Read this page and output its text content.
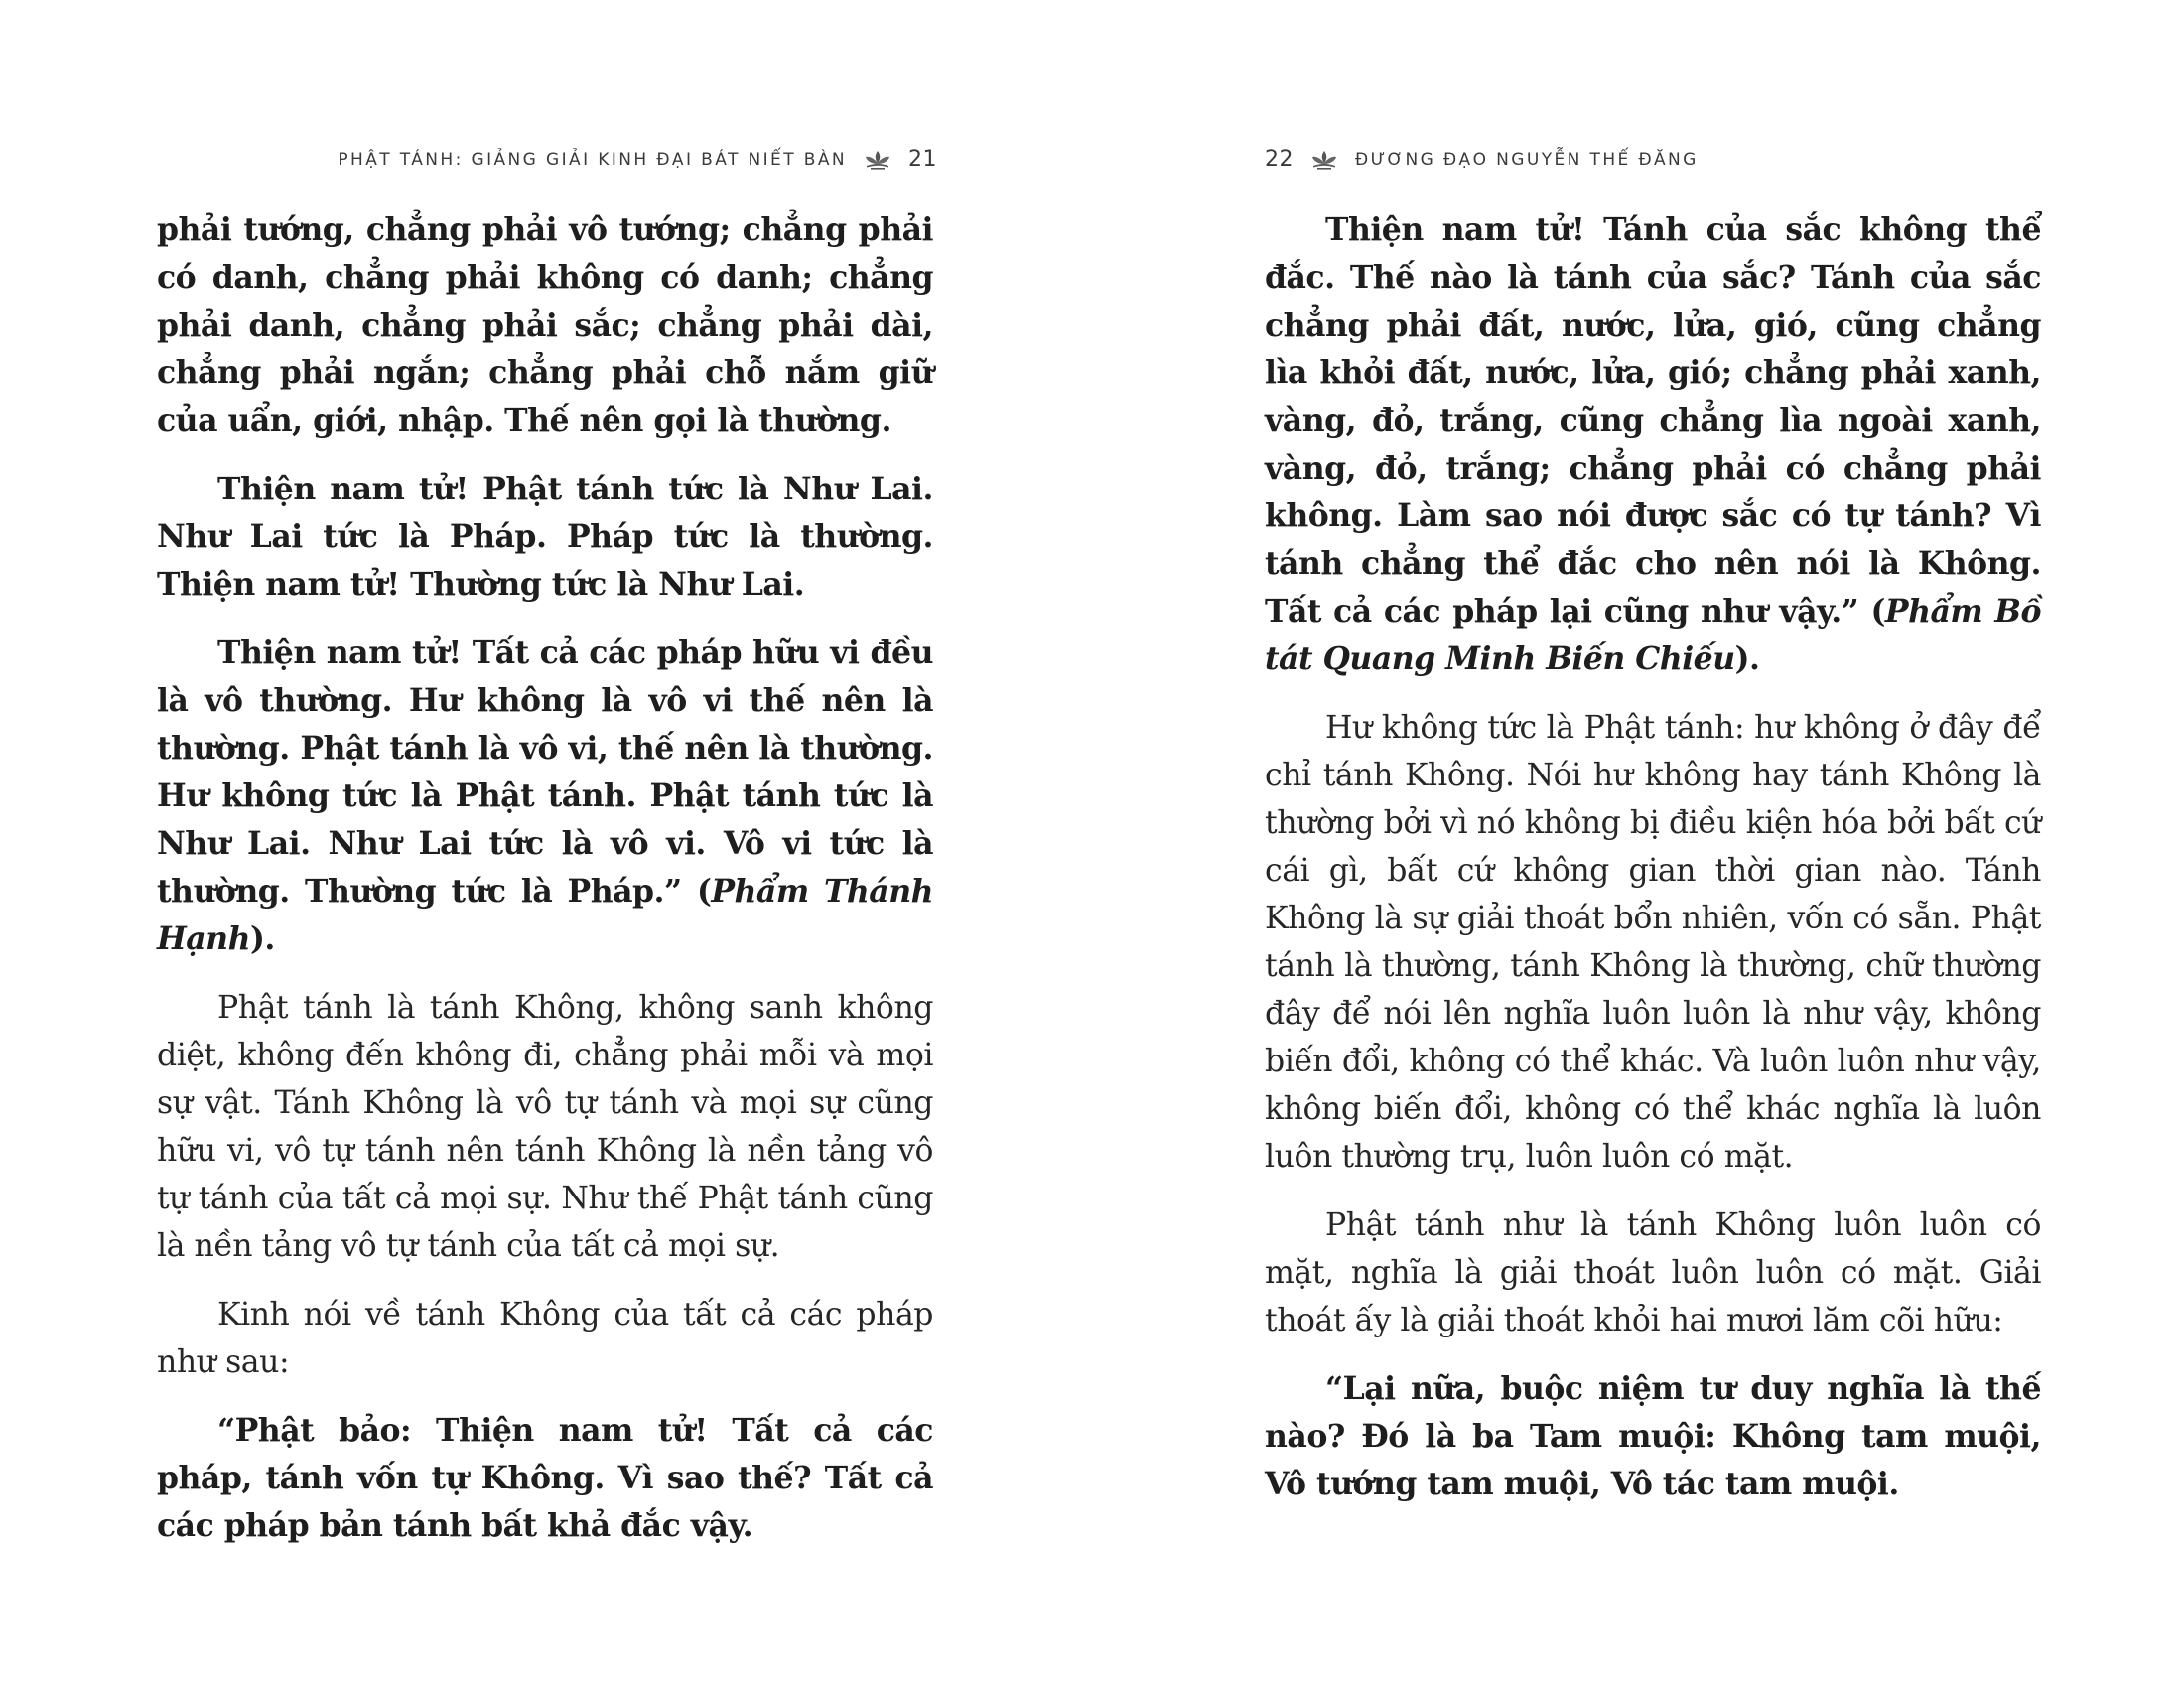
PHẬT TÁNH: GIẢNG GIẢI KINH ĐẠI BÁT NIẾT BÀN	21

phải tướng, chẳng phải vô tướng; chẳng phải có danh, chẳng phải không có danh; chẳng phải danh, chẳng phải sắc; chẳng phải dài, chẳng phải ngắn; chẳng phải chỗ nắm giữ của uẩn, giới, nhập. Thế nên gọi là thường.

Thiện nam tử! Phật tánh tức là Như Lai. Như Lai tức là Pháp. Pháp tức là thường. Thiện nam tử! Thường tức là Như Lai.

Thiện nam tử! Tất cả các pháp hữu vi đều là vô thường. Hư không là vô vi thế nên là thường. Phật tánh là vô vi, thế nên là thường. Hư không tức là Phật tánh. Phật tánh tức là Như Lai. Như Lai tức là vô vi. Vô vi tức là thường. Thường tức là Pháp.” (Phẩm Thánh Hạnh).

Phật tánh là tánh Không, không sanh không diệt, không đến không đi, chẳng phải mỗi và mọi sự vật. Tánh Không là vô tự tánh và mọi sự cũng hữu vi, vô tự tánh nên tánh Không là nền tảng vô tự tánh của tất cả mọi sự. Như thế Phật tánh cũng là nền tảng vô tự tánh của tất cả mọi sự.

Kinh nói về tánh Không của tất cả các pháp như sau:

“Phật bảo: Thiện nam tử! Tất cả các pháp, tánh vốn tự Không. Vì sao thế? Tất cả các pháp bản tánh bất khả đắc vậy.

22	ĐƯƠNG ĐẠO NGUYỄN THẾ ĐĂNG

Thiện nam tử! Tánh của sắc không thể đắc. Thế nào là tánh của sắc? Tánh của sắc chẳng phải đất, nước, lửa, gió, cũng chẳng lìa khỏi đất, nước, lửa, gió; chẳng phải xanh, vàng, đỏ, trắng, cũng chẳng lìa ngoài xanh, vàng, đỏ, trắng; chẳng phải có chẳng phải không. Làm sao nói được sắc có tự tánh? Vì tánh chẳng thể đắc cho nên nói là Không. Tất cả các pháp lại cũng như vậy.” (Phẩm Bồ tát Quang Minh Biến Chiếu).

Hư không tức là Phật tánh: hư không ở đây để chỉ tánh Không. Nói hư không hay tánh Không là thường bởi vì nó không bị điều kiện hóa bởi bất cứ cái gì, bất cứ không gian thời gian nào. Tánh Không là sự giải thoát bổn nhiên, vốn có sẵn. Phật tánh là thường, tánh Không là thường, chữ thường đây để nói lên nghĩa luôn luôn là như vậy, không biến đổi, không có thể khác. Và luôn luôn như vậy, không biến đổi, không có thể khác nghĩa là luôn luôn thường trụ, luôn luôn có mặt.

Phật tánh như là tánh Không luôn luôn có mặt, nghĩa là giải thoát luôn luôn có mặt. Giải thoát ấy là giải thoát khỏi hai mươi lăm cõi hữu:

“Lại nữa, buộc niệm tư duy nghĩa là thế nào? Đó là ba Tam muội: Không tam muội, Vô tướng tam muội, Vô tác tam muội.
